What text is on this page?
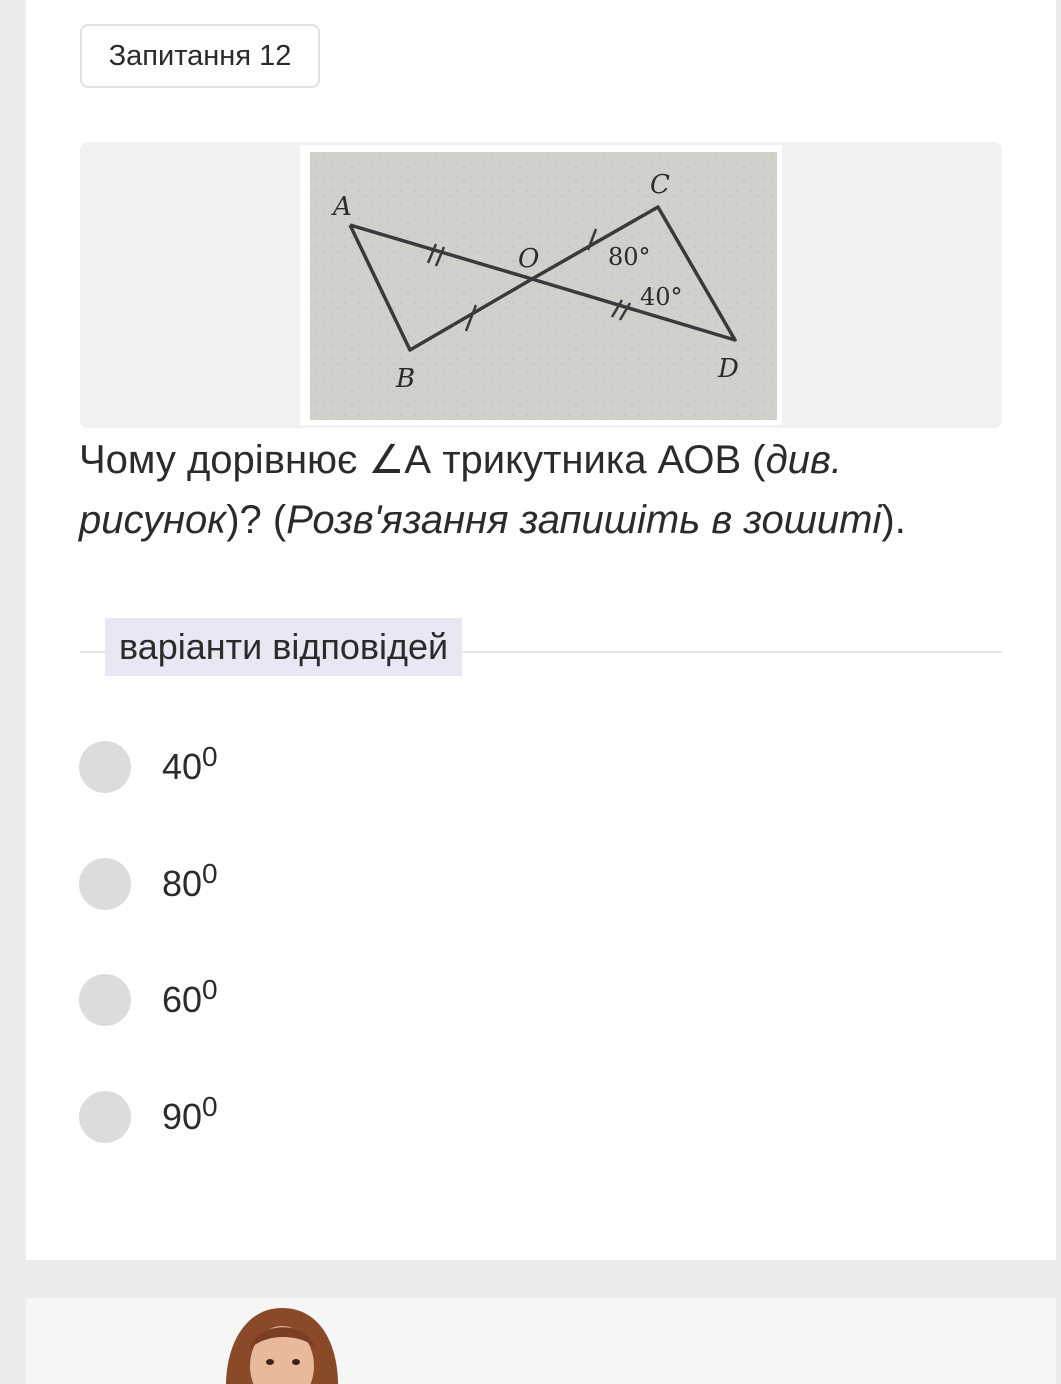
Запитання 12
A
B
C
D
O	80°
40°
Чому дорівнює ∠А трикутника АОВ (див. рисунок)? (Розв'язання запишіть в зошиті).
варіанти відповідей
$40^0$
$80^0$
$60^0$
$90^0$
